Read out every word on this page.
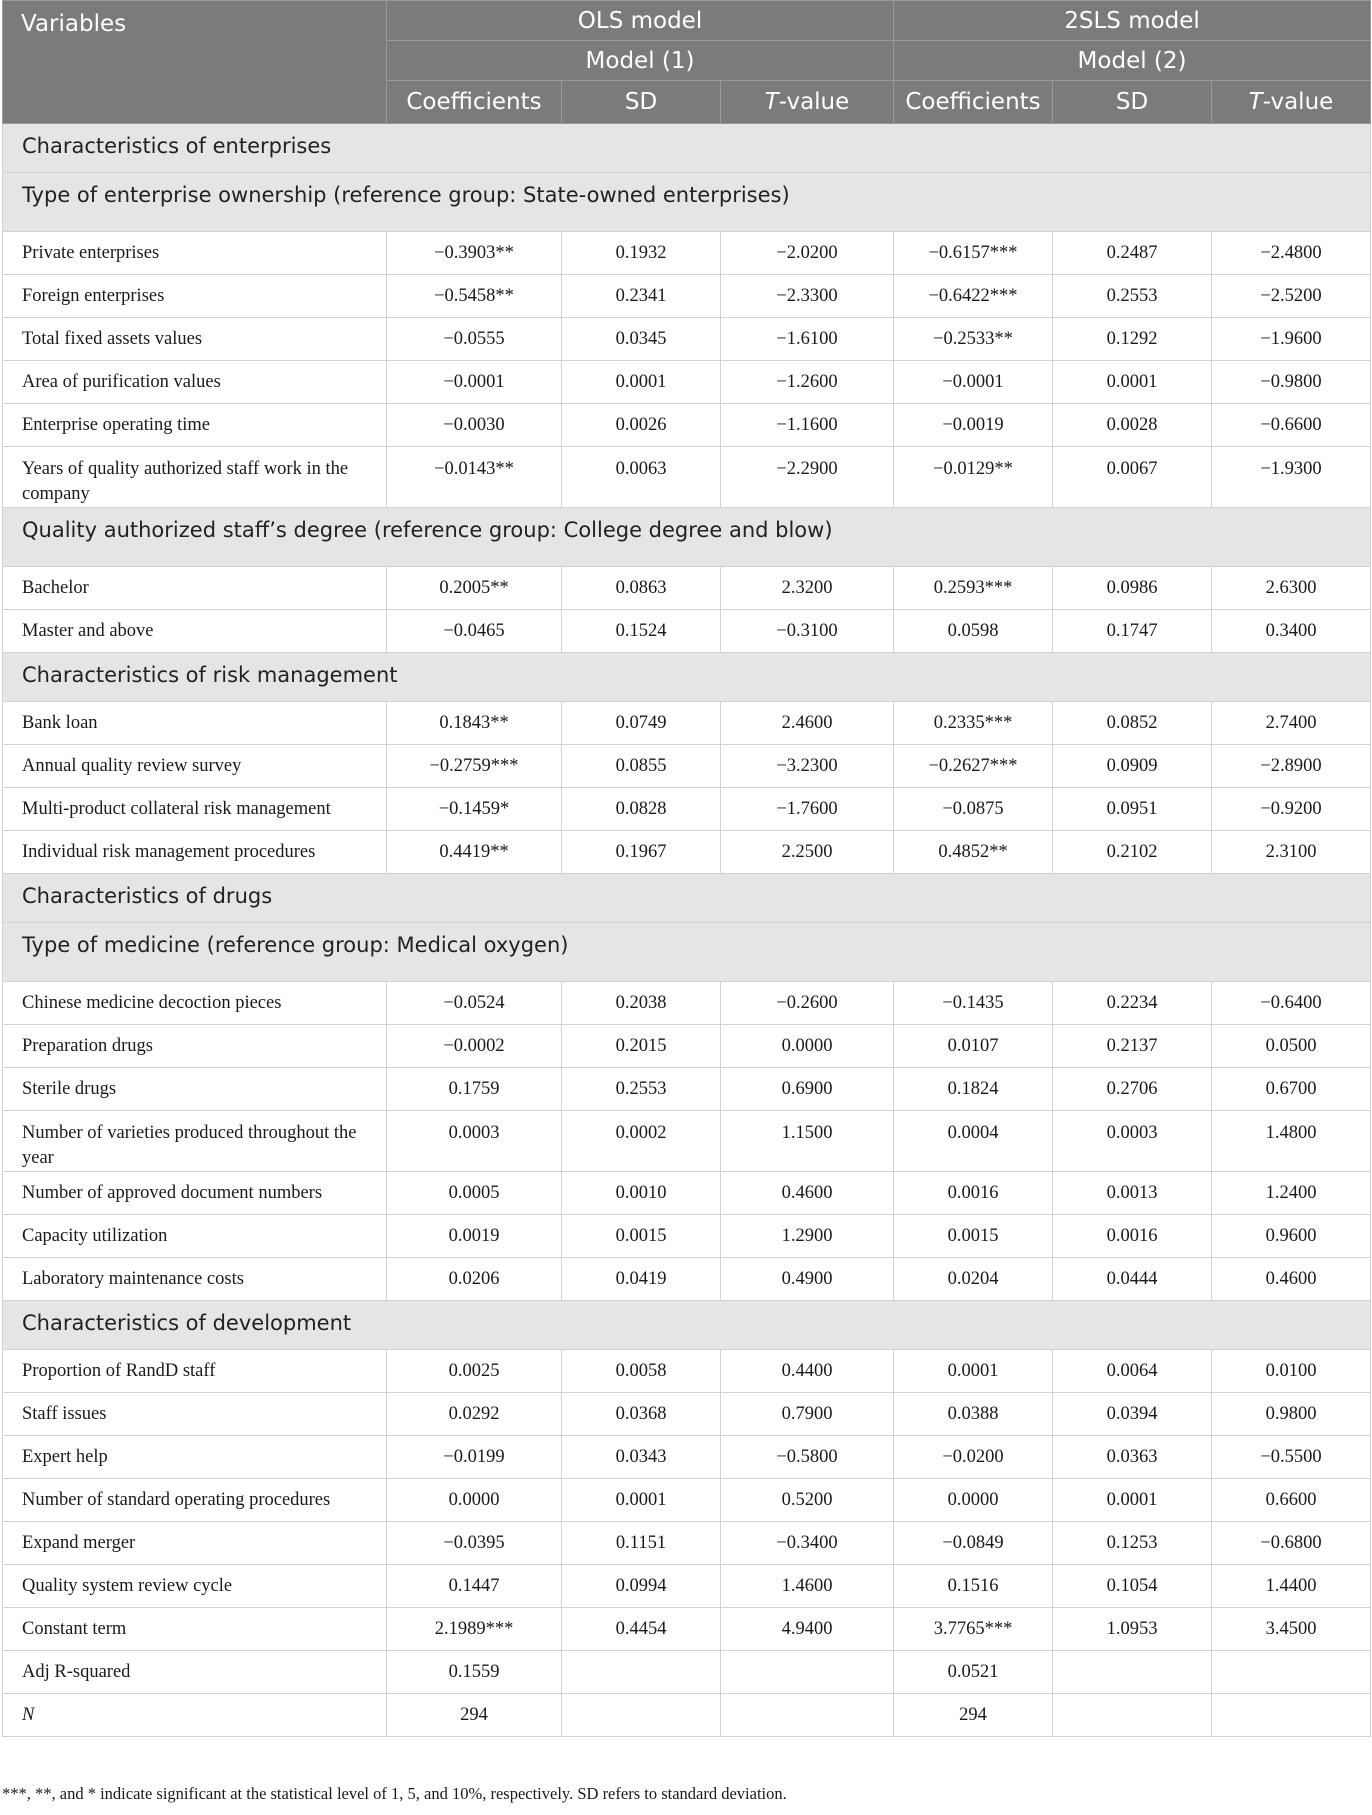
Variables	OLS model			2SLS model		
	Model (1)			Model (2)		
	Coefficients	SD	T-value	Coefficients	SD	T-value
Characteristics of enterprises						
Type of enterprise ownership (reference group: State-owned enterprises)						
Private enterprises	−0.3903**	0.1932	−2.0200	−0.6157***	0.2487	−2.4800
Foreign enterprises	−0.5458**	0.2341	−2.3300	−0.6422***	0.2553	−2.5200
Total fixed assets values	−0.0555	0.0345	−1.6100	−0.2533**	0.1292	−1.9600
Area of purification values	−0.0001	0.0001	−1.2600	−0.0001	0.0001	−0.9800
Enterprise operating time	−0.0030	0.0026	−1.1600	−0.0019	0.0028	−0.6600
Years of quality authorized staff work in the company	−0.0143**	0.0063	−2.2900	−0.0129**	0.0067	−1.9300
Quality authorized staff’s degree (reference group: College degree and blow)						
Bachelor	0.2005**	0.0863	2.3200	0.2593***	0.0986	2.6300
Master and above	−0.0465	0.1524	−0.3100	0.0598	0.1747	0.3400
Characteristics of risk management						
Bank loan	0.1843**	0.0749	2.4600	0.2335***	0.0852	2.7400
Annual quality review survey	−0.2759***	0.0855	−3.2300	−0.2627***	0.0909	−2.8900
Multi-product collateral risk management	−0.1459*	0.0828	−1.7600	−0.0875	0.0951	−0.9200
Individual risk management procedures	0.4419**	0.1967	2.2500	0.4852**	0.2102	2.3100
Characteristics of drugs						
Type of medicine (reference group: Medical oxygen)						
Chinese medicine decoction pieces	−0.0524	0.2038	−0.2600	−0.1435	0.2234	−0.6400
Preparation drugs	−0.0002	0.2015	0.0000	0.0107	0.2137	0.0500
Sterile drugs	0.1759	0.2553	0.6900	0.1824	0.2706	0.6700
Number of varieties produced throughout the year	0.0003	0.0002	1.1500	0.0004	0.0003	1.4800
Number of approved document numbers	0.0005	0.0010	0.4600	0.0016	0.0013	1.2400
Capacity utilization	0.0019	0.0015	1.2900	0.0015	0.0016	0.9600
Laboratory maintenance costs	0.0206	0.0419	0.4900	0.0204	0.0444	0.4600
Characteristics of development						
Proportion of RandD staff	0.0025	0.0058	0.4400	0.0001	0.0064	0.0100
Staff issues	0.0292	0.0368	0.7900	0.0388	0.0394	0.9800
Expert help	−0.0199	0.0343	−0.5800	−0.0200	0.0363	−0.5500
Number of standard operating procedures	0.0000	0.0001	0.5200	0.0000	0.0001	0.6600
Expand merger	−0.0395	0.1151	−0.3400	−0.0849	0.1253	−0.6800
Quality system review cycle	0.1447	0.0994	1.4600	0.1516	0.1054	1.4400
Constant term	2.1989***	0.4454	4.9400	3.7765***	1.0953	3.4500
Adj R-squared	0.1559			0.0521		
N	294			294		
***, **, and * indicate significant at the statistical level of 1, 5, and 10%, respectively. SD refers to standard deviation.
